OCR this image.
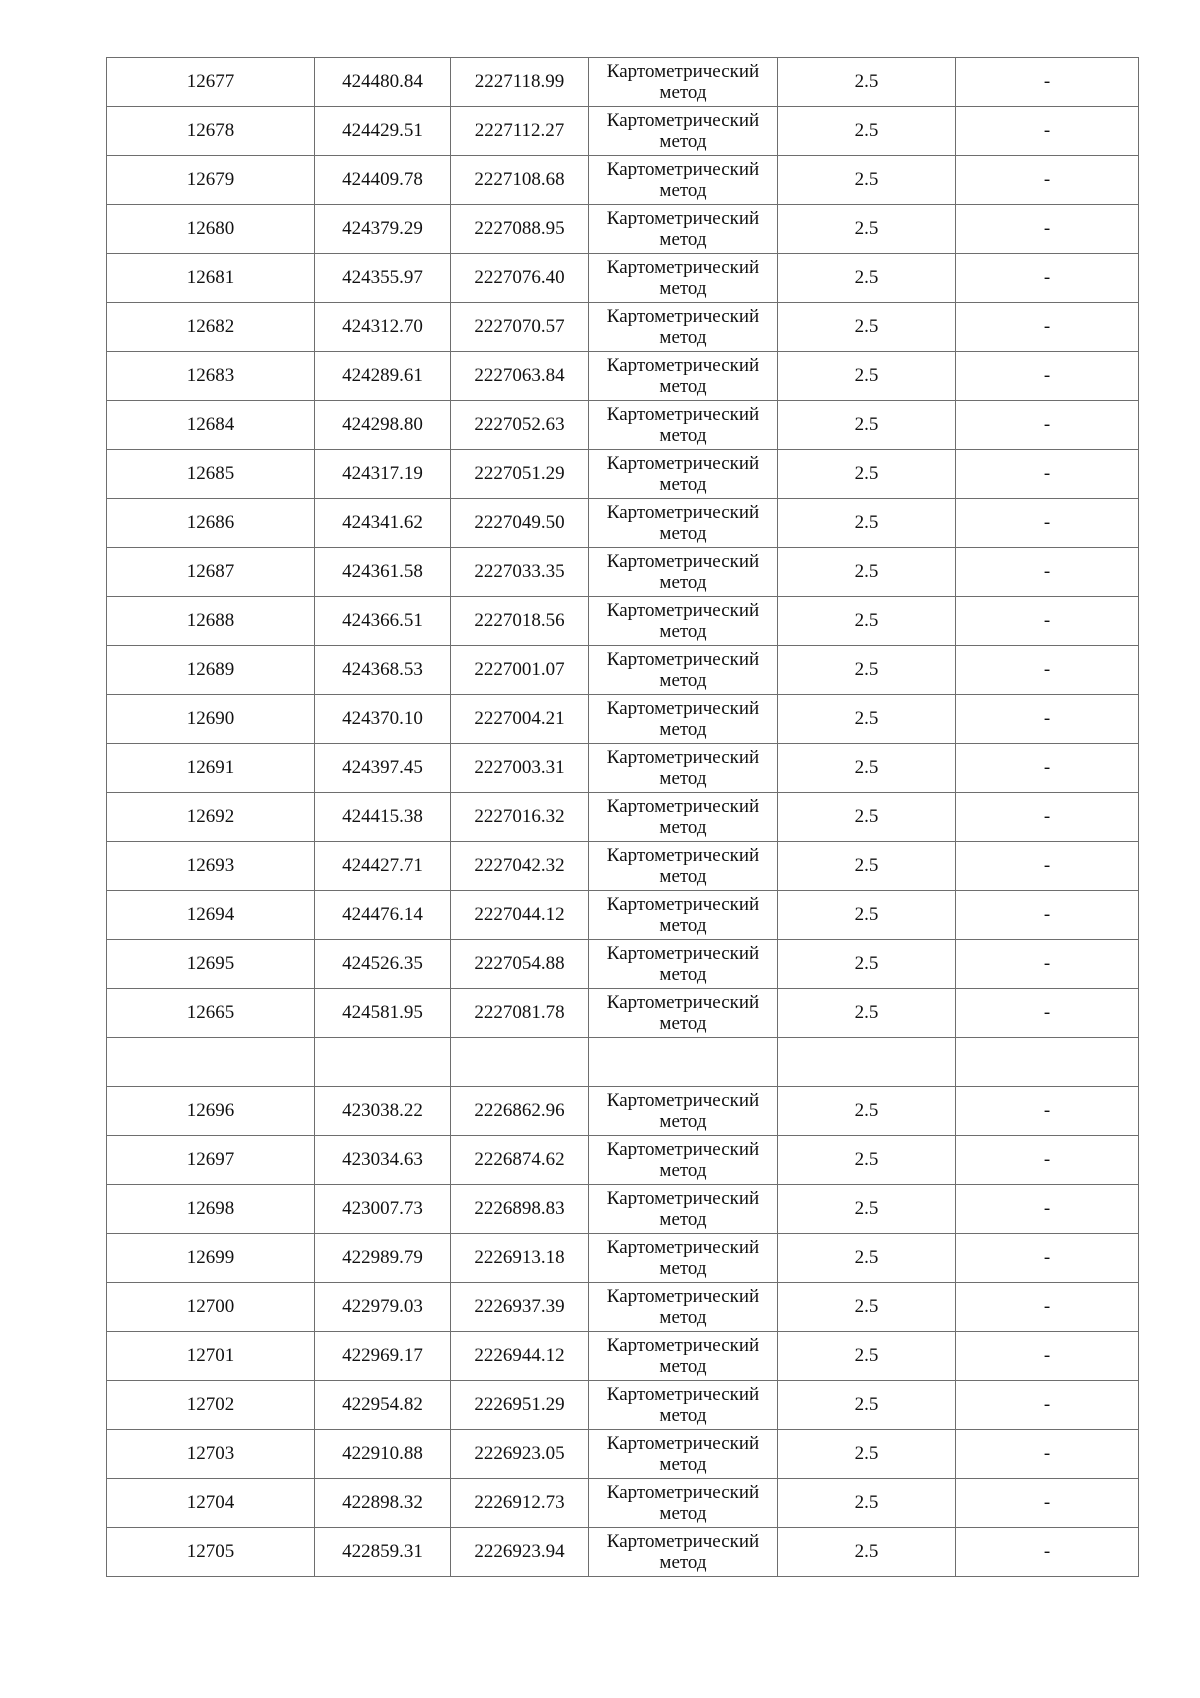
12677	424480.84	2227118.99	Картометрический метод	2.5	-
12678	424429.51	2227112.27	Картометрический метод	2.5	-
12679	424409.78	2227108.68	Картометрический метод	2.5	-
12680	424379.29	2227088.95	Картометрический метод	2.5	-
12681	424355.97	2227076.40	Картометрический метод	2.5	-
12682	424312.70	2227070.57	Картометрический метод	2.5	-
12683	424289.61	2227063.84	Картометрический метод	2.5	-
12684	424298.80	2227052.63	Картометрический метод	2.5	-
12685	424317.19	2227051.29	Картометрический метод	2.5	-
12686	424341.62	2227049.50	Картометрический метод	2.5	-
12687	424361.58	2227033.35	Картометрический метод	2.5	-
12688	424366.51	2227018.56	Картометрический метод	2.5	-
12689	424368.53	2227001.07	Картометрический метод	2.5	-
12690	424370.10	2227004.21	Картометрический метод	2.5	-
12691	424397.45	2227003.31	Картометрический метод	2.5	-
12692	424415.38	2227016.32	Картометрический метод	2.5	-
12693	424427.71	2227042.32	Картометрический метод	2.5	-
12694	424476.14	2227044.12	Картометрический метод	2.5	-
12695	424526.35	2227054.88	Картометрический метод	2.5	-
12665	424581.95	2227081.78	Картометрический метод	2.5	-

12696	423038.22	2226862.96	Картометрический метод	2.5	-
12697	423034.63	2226874.62	Картометрический метод	2.5	-
12698	423007.73	2226898.83	Картометрический метод	2.5	-
12699	422989.79	2226913.18	Картометрический метод	2.5	-
12700	422979.03	2226937.39	Картометрический метод	2.5	-
12701	422969.17	2226944.12	Картометрический метод	2.5	-
12702	422954.82	2226951.29	Картометрический метод	2.5	-
12703	422910.88	2226923.05	Картометрический метод	2.5	-
12704	422898.32	2226912.73	Картометрический метод	2.5	-
12705	422859.31	2226923.94	Картометрический метод	2.5	-
